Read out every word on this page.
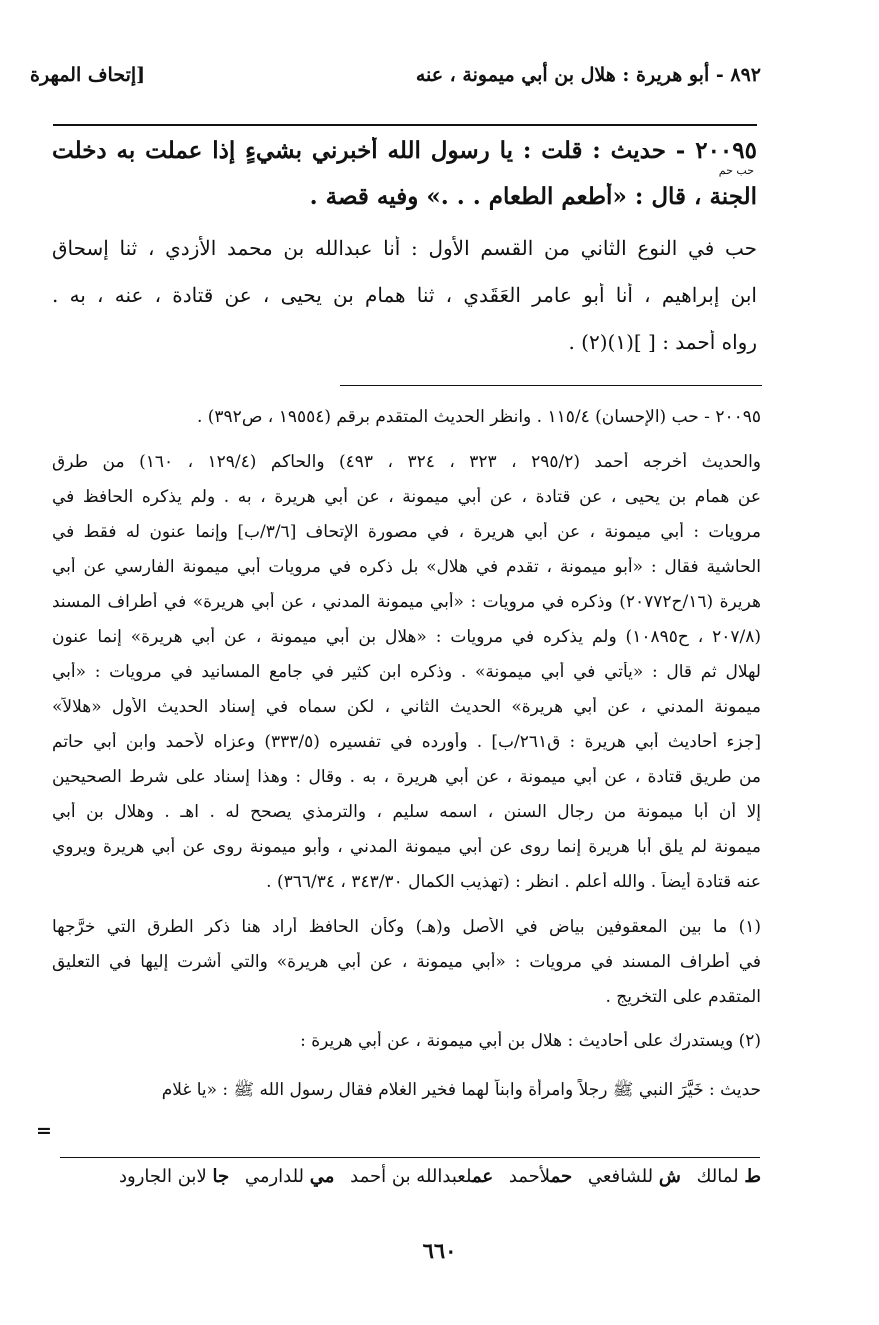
٨٩٢ - أبو هريرة : هلال بن أبي ميمونة ، عنه
[إتحاف المهرة
٢٠٠٩٥ - حديث : قلت : يا رسول الله أخبرني بشيءٍ إذا عملت به دخلت
حب حم
الجنة ، قال : «أطعم الطعام . . .» وفيه قصة .
حب في النوع الثاني من القسم الأول : أنا عبدالله بن محمد الأزدي ، ثنا إسحاق
ابن إبراهيم ، أنا أبو عامر العَقَدي ، ثنا همام بن يحيى ، عن قتادة ، عنه ، به .
رواه أحمد : [ ](١)(٢) .
٢٠٠٩٥ - حب (الإحسان) ١١٥/٤ . وانظر الحديث المتقدم برقم (١٩٥٥٤ ، ص٣٩٢) .
والحديث أخرجه أحمد (٢٩٥/٢ ، ٣٢٣ ، ٣٢٤ ، ٤٩٣) والحاكم (١٢٩/٤ ، ١٦٠) من طرق
عن همام بن يحيى ، عن قتادة ، عن أبي ميمونة ، عن أبي هريرة ، به . ولم يذكره الحافظ في
مرويات : أبي ميمونة ، عن أبي هريرة ، في مصورة الإتحاف [٣/٦/ب] وإنما عنون له فقط في
الحاشية فقال : «أبو ميمونة ، تقدم في هلال» بل ذكره في مرويات أبي ميمونة الفارسي عن أبي
هريرة (١٦/ح٢٠٧٧٢) وذكره في مرويات : «أبي ميمونة المدني ، عن أبي هريرة» في أطراف المسند
(٢٠٧/٨ ، ح١٠٨٩٥) ولم يذكره في مرويات : «هلال بن أبي ميمونة ، عن أبي هريرة» إنما عنون
لهلال ثم قال : «يأتي في أبي ميمونة» . وذكره ابن كثير في جامع المسانيد في مرويات : «أبي
ميمونة المدني ، عن أبي هريرة» الحديث الثاني ، لكن سماه في إسناد الحديث الأول «هلالاً»
[جزء أحاديث أبي هريرة : ق٢٦١/ب] . وأورده في تفسيره (٣٣٣/٥) وعزاه لأحمد وابن أبي حاتم
من طريق قتادة ، عن أبي ميمونة ، عن أبي هريرة ، به . وقال : وهذا إسناد على شرط الصحيحين
إلا أن أبا ميمونة من رجال السنن ، اسمه سليم ، والترمذي يصحح له . اهـ . وهلال بن أبي
ميمونة لم يلق أبا هريرة إنما روى عن أبي ميمونة المدني ، وأبو ميمونة روى عن أبي هريرة ويروي
عنه قتادة أيضاً . والله أعلم . انظر : (تهذيب الكمال ٣٤٣/٣٠ ، ٣٦٦/٣٤) .
(١) ما بين المعقوفين بياض في الأصل و(هـ) وكأن الحافظ أراد هنا ذكر الطرق التي خرَّجها
في أطراف المسند في مرويات : «أبي ميمونة ، عن أبي هريرة» والتي أشرت إليها في التعليق
المتقدم على التخريج .
(٢) ويستدرك على أحاديث : هلال بن أبي ميمونة ، عن أبي هريرة :
حديث : خَيَّرَ النبي ﷺ رجلاً وامرأة وابناً لهما فخير الغلام فقال رسول الله ﷺ : «يا غلام
=
ط لمالك ش للشافعي حملأحمد عملعبدالله بن أحمد مي للدارمي جا لابن الجارود
٦٦٠
